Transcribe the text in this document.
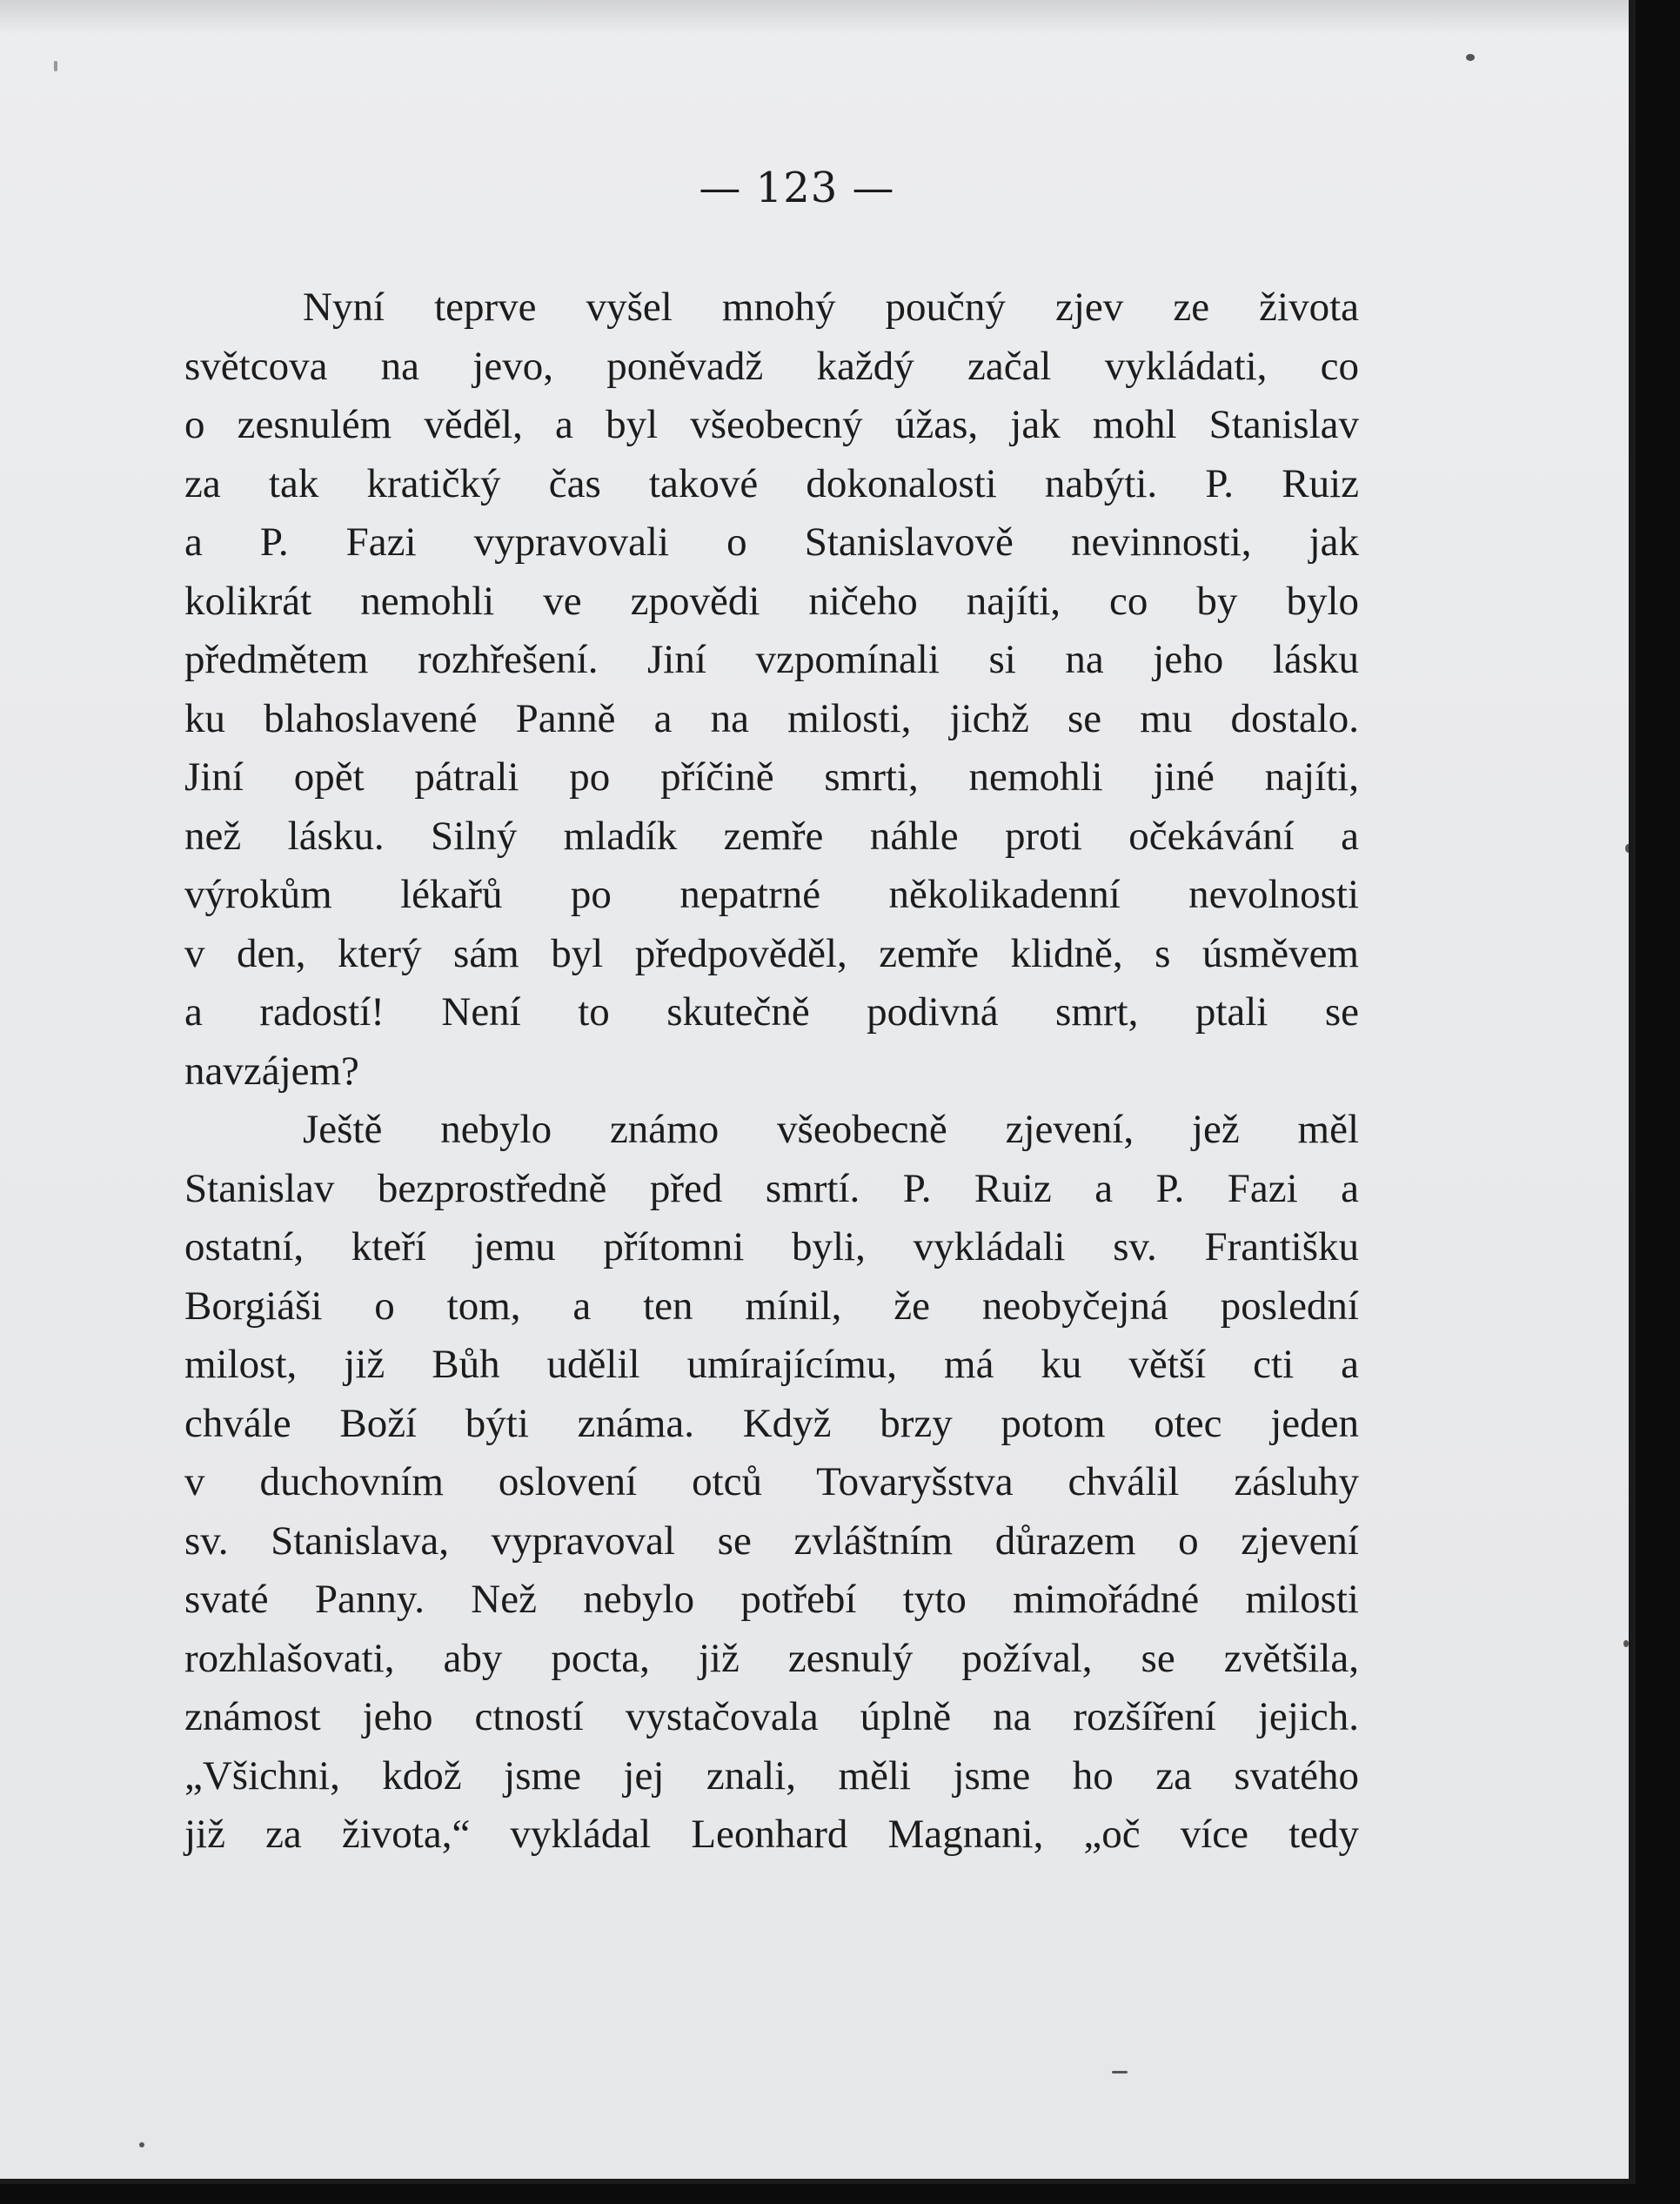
— 123 —
Nyní teprve vyšel mnohý poučný zjev ze života
světcova na jevo, poněvadž každý začal vykládati, co
o zesnulém věděl, a byl všeobecný úžas, jak mohl Stanislav
za tak kratičký čas takové dokonalosti nabýti. P. Ruiz
a P. Fazi vypravovali o Stanislavově nevinnosti, jak
kolikrát nemohli ve zpovědi ničeho najíti, co by bylo
předmětem rozhřešení. Jiní vzpomínali si na jeho lásku
ku blahoslavené Panně a na milosti, jichž se mu dostalo.
Jiní opět pátrali po příčině smrti, nemohli jiné najíti,
než lásku. Silný mladík zemře náhle proti očekávání a
výrokům lékařů po nepatrné několikadenní nevolnosti
v den, který sám byl předpověděl, zemře klidně, s úsměvem
a radostí! Není to skutečně podivná smrt, ptali se
navzájem?
Ještě nebylo známo všeobecně zjevení, jež měl
Stanislav bezprostředně před smrtí. P. Ruiz a P. Fazi a
ostatní, kteří jemu přítomni byli, vykládali sv. Františku
Borgiáši o tom, a ten mínil, že neobyčejná poslední
milost, již Bůh udělil umírajícímu, má ku větší cti a
chvále Boží býti známa. Když brzy potom otec jeden
v duchovním oslovení otců Tovaryšstva chválil zásluhy
sv. Stanislava, vypravoval se zvláštním důrazem o zjevení
svaté Panny. Než nebylo potřebí tyto mimořádné milosti
rozhlašovati, aby pocta, již zesnulý požíval, se zvětšila,
známost jeho ctností vystačovala úplně na rozšíření jejich.
„Všichni, kdož jsme jej znali, měli jsme ho za svatého
již za života,“ vykládal Leonhard Magnani, „oč více tedy
